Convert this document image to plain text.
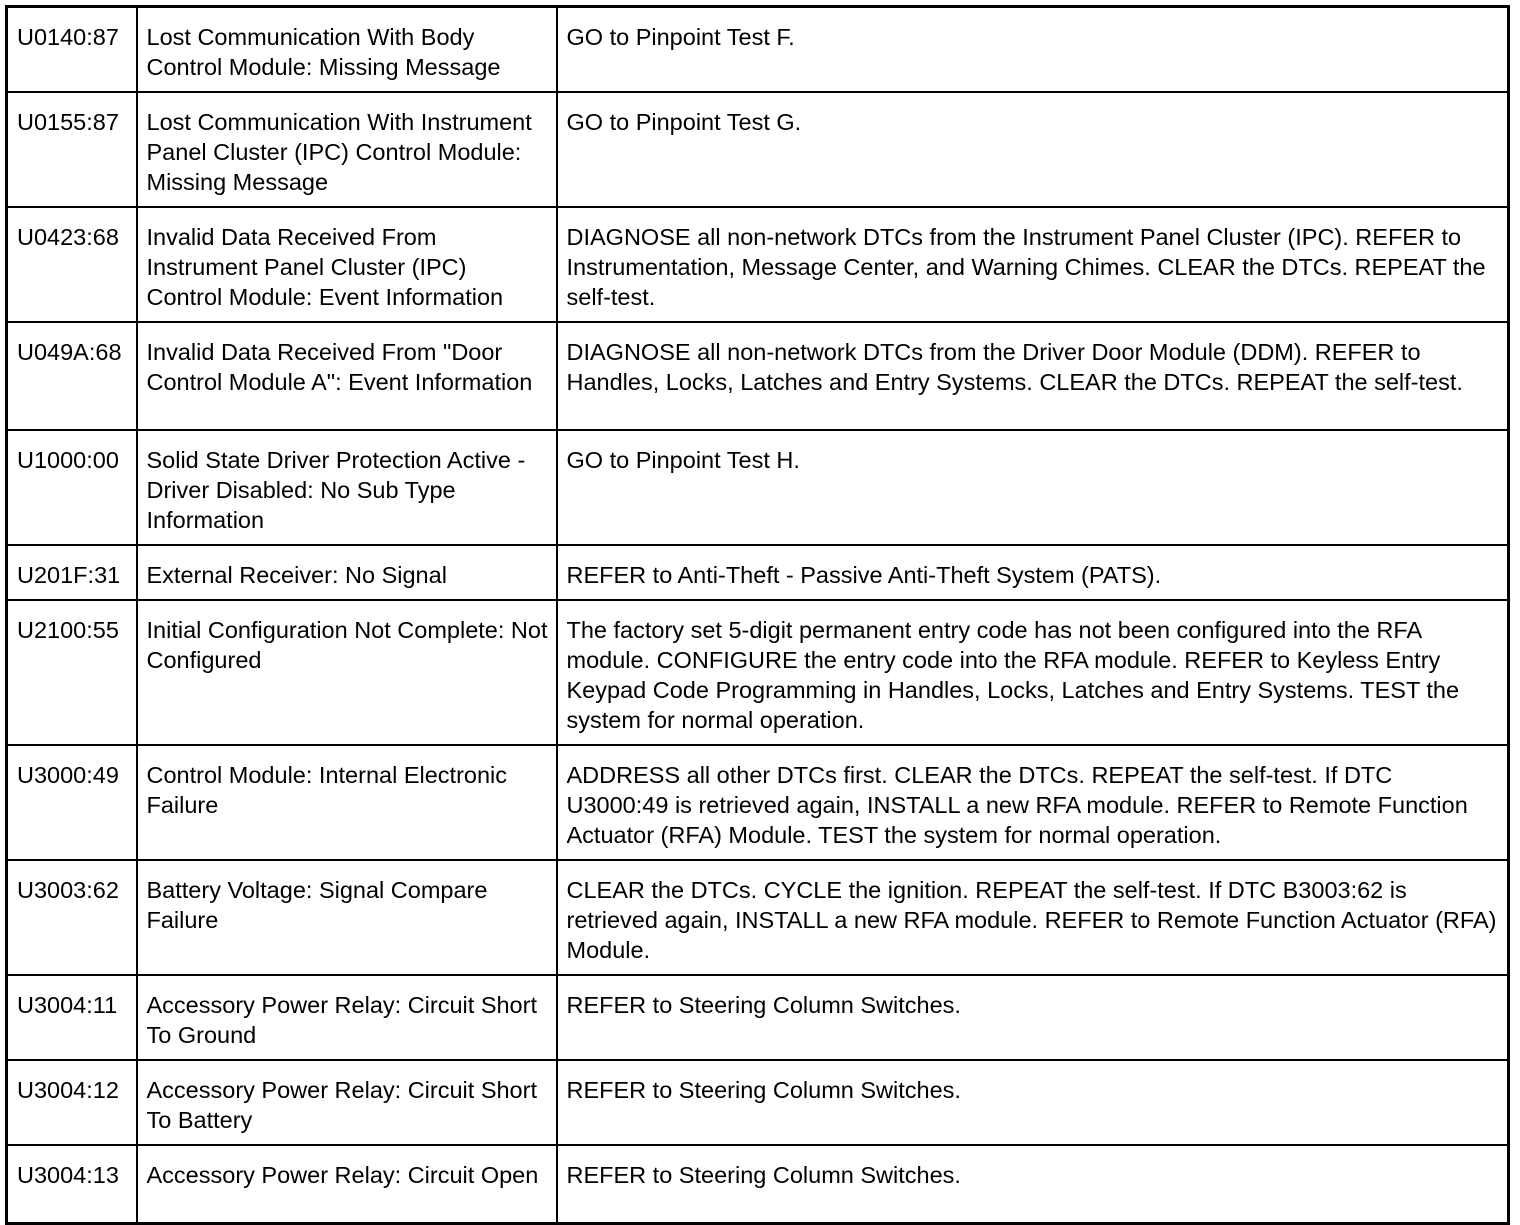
U0140:87	Lost Communication With Body Control Module: Missing Message	GO to Pinpoint Test F.
U0155:87	Lost Communication With Instrument Panel Cluster (IPC) Control Module: Missing Message	GO to Pinpoint Test G.
U0423:68	Invalid Data Received From Instrument Panel Cluster (IPC) Control Module: Event Information	DIAGNOSE all non-network DTCs from the Instrument Panel Cluster (IPC). REFER to Instrumentation, Message Center, and Warning Chimes. CLEAR the DTCs. REPEAT the self-test.
U049A:68	Invalid Data Received From "Door Control Module A": Event Information	DIAGNOSE all non-network DTCs from the Driver Door Module (DDM). REFER to Handles, Locks, Latches and Entry Systems. CLEAR the DTCs. REPEAT the self-test.
U1000:00	Solid State Driver Protection Active -Driver Disabled: No Sub Type Information	GO to Pinpoint Test H.
U201F:31	External Receiver: No Signal	REFER to Anti-Theft - Passive Anti-Theft System (PATS).
U2100:55	Initial Configuration Not Complete: Not Configured	The factory set 5-digit permanent entry code has not been configured into the RFA module. CONFIGURE the entry code into the RFA module. REFER to Keyless Entry Keypad Code Programming in Handles, Locks, Latches and Entry Systems. TEST the system for normal operation.
U3000:49	Control Module: Internal Electronic Failure	ADDRESS all other DTCs first. CLEAR the DTCs. REPEAT the self-test. If DTC U3000:49 is retrieved again, INSTALL a new RFA module. REFER to Remote Function Actuator (RFA) Module. TEST the system for normal operation.
U3003:62	Battery Voltage: Signal Compare Failure	CLEAR the DTCs. CYCLE the ignition. REPEAT the self-test. If DTC B3003:62 is retrieved again, INSTALL a new RFA module. REFER to Remote Function Actuator (RFA) Module.
U3004:11	Accessory Power Relay: Circuit Short To Ground	REFER to Steering Column Switches.
U3004:12	Accessory Power Relay: Circuit Short To Battery	REFER to Steering Column Switches.
U3004:13	Accessory Power Relay: Circuit Open	REFER to Steering Column Switches.
